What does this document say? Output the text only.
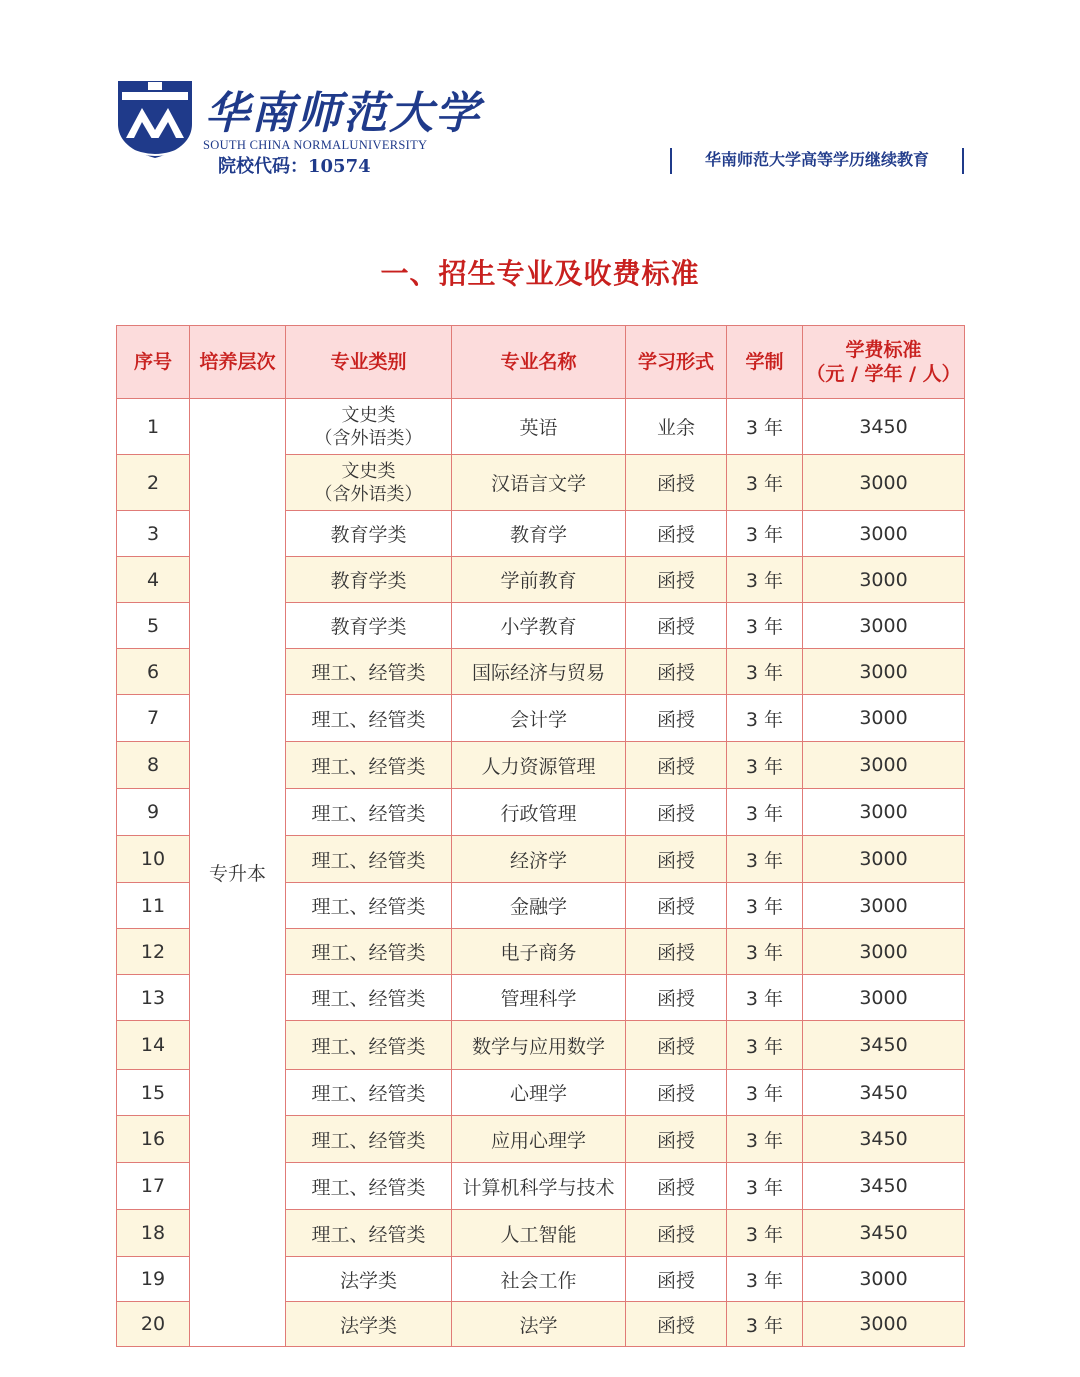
华南师范大学
SOUTH CHINA NORMALUNIVERSITY
院校代码：10574	华南师范大学高等学历继续教育
一、招生专业及收费标准
序号	培养层次	专业类别	专业名称	学习形式	学制	学费标准
（元 / 学年 / 人）

1	专升本	文史类
（含外语类）	英语	业余	3 年	3450
2		文史类
（含外语类）	汉语言文学	函授	3 年	3000
3		教育学类	教育学	函授	3 年	3000
4		教育学类	学前教育	函授	3 年	3000
5		教育学类	小学教育	函授	3 年	3000
6		理工、经管类	国际经济与贸易	函授	3 年	3000
7		理工、经管类	会计学	函授	3 年	3000
8		理工、经管类	人力资源管理	函授	3 年	3000
9		理工、经管类	行政管理	函授	3 年	3000
10		理工、经管类	经济学	函授	3 年	3000
11		理工、经管类	金融学	函授	3 年	3000
12		理工、经管类	电子商务	函授	3 年	3000
13		理工、经管类	管理科学	函授	3 年	3000
14		理工、经管类	数学与应用数学	函授	3 年	3450
15		理工、经管类	心理学	函授	3 年	3450
16		理工、经管类	应用心理学	函授	3 年	3450
17		理工、经管类	计算机科学与技术	函授	3 年	3450
18		理工、经管类	人工智能	函授	3 年	3450
19		法学类	社会工作	函授	3 年	3000
20		法学类	法学	函授	3 年	3000
